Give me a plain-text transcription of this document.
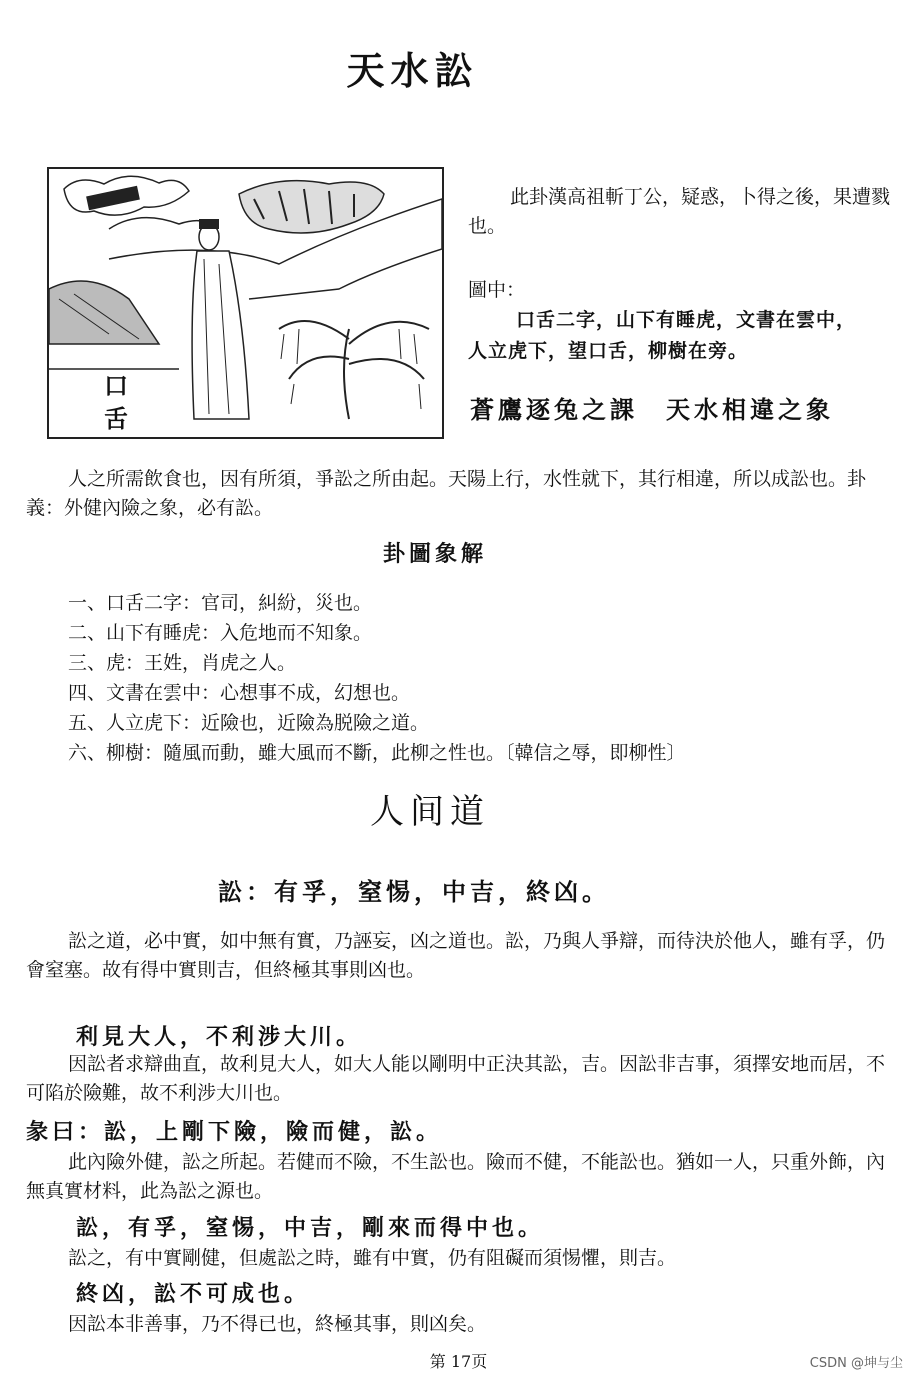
天水訟
口
舌
此卦漢高祖斬丁公，疑惑，卜得之後，果遭戮也。
圖中：
口舌二字，山下有睡虎，文書在雲中，
人立虎下，望口舌，柳樹在旁。
蒼鷹逐兔之課　天水相違之象
人之所需飲食也，因有所須，爭訟之所由起。天陽上行，水性就下，其行相違，所以成訟也。卦義：外健內險之象，必有訟。
卦圖象解
一、口舌二字：官司，糾紛，災也。
二、山下有睡虎：入危地而不知象。
三、虎：王姓，肖虎之人。
四、文書在雲中：心想事不成，幻想也。
五、人立虎下：近險也，近險為脱險之道。
六、柳樹：隨風而動，雖大風而不斷，此柳之性也。〔韓信之辱，即柳性〕
人间道
訟：有孚，窒惕，中吉，終凶。
訟之道，必中實，如中無有實，乃誣妄，凶之道也。訟，乃與人爭辯，而待決於他人，雖有孚，仍會窒塞。故有得中實則吉，但終極其事則凶也。
利見大人，不利涉大川。
因訟者求辯曲直，故利見大人，如大人能以剛明中正決其訟，吉。因訟非吉事，須擇安地而居，不可陷於險難，故不利涉大川也。
彖曰：訟，上剛下險，險而健，訟。
此內險外健，訟之所起。若健而不險，不生訟也。險而不健，不能訟也。猶如一人，只重外飾，內無真實材料，此為訟之源也。
訟，有孚，窒惕，中吉，剛來而得中也。
訟之，有中實剛健，但處訟之時，雖有中實，仍有阻礙而須惕懼，則吉。
終凶，訟不可成也。
因訟本非善事，乃不得已也，終極其事，則凶矣。
第 17页	CSDN @坤与尘
